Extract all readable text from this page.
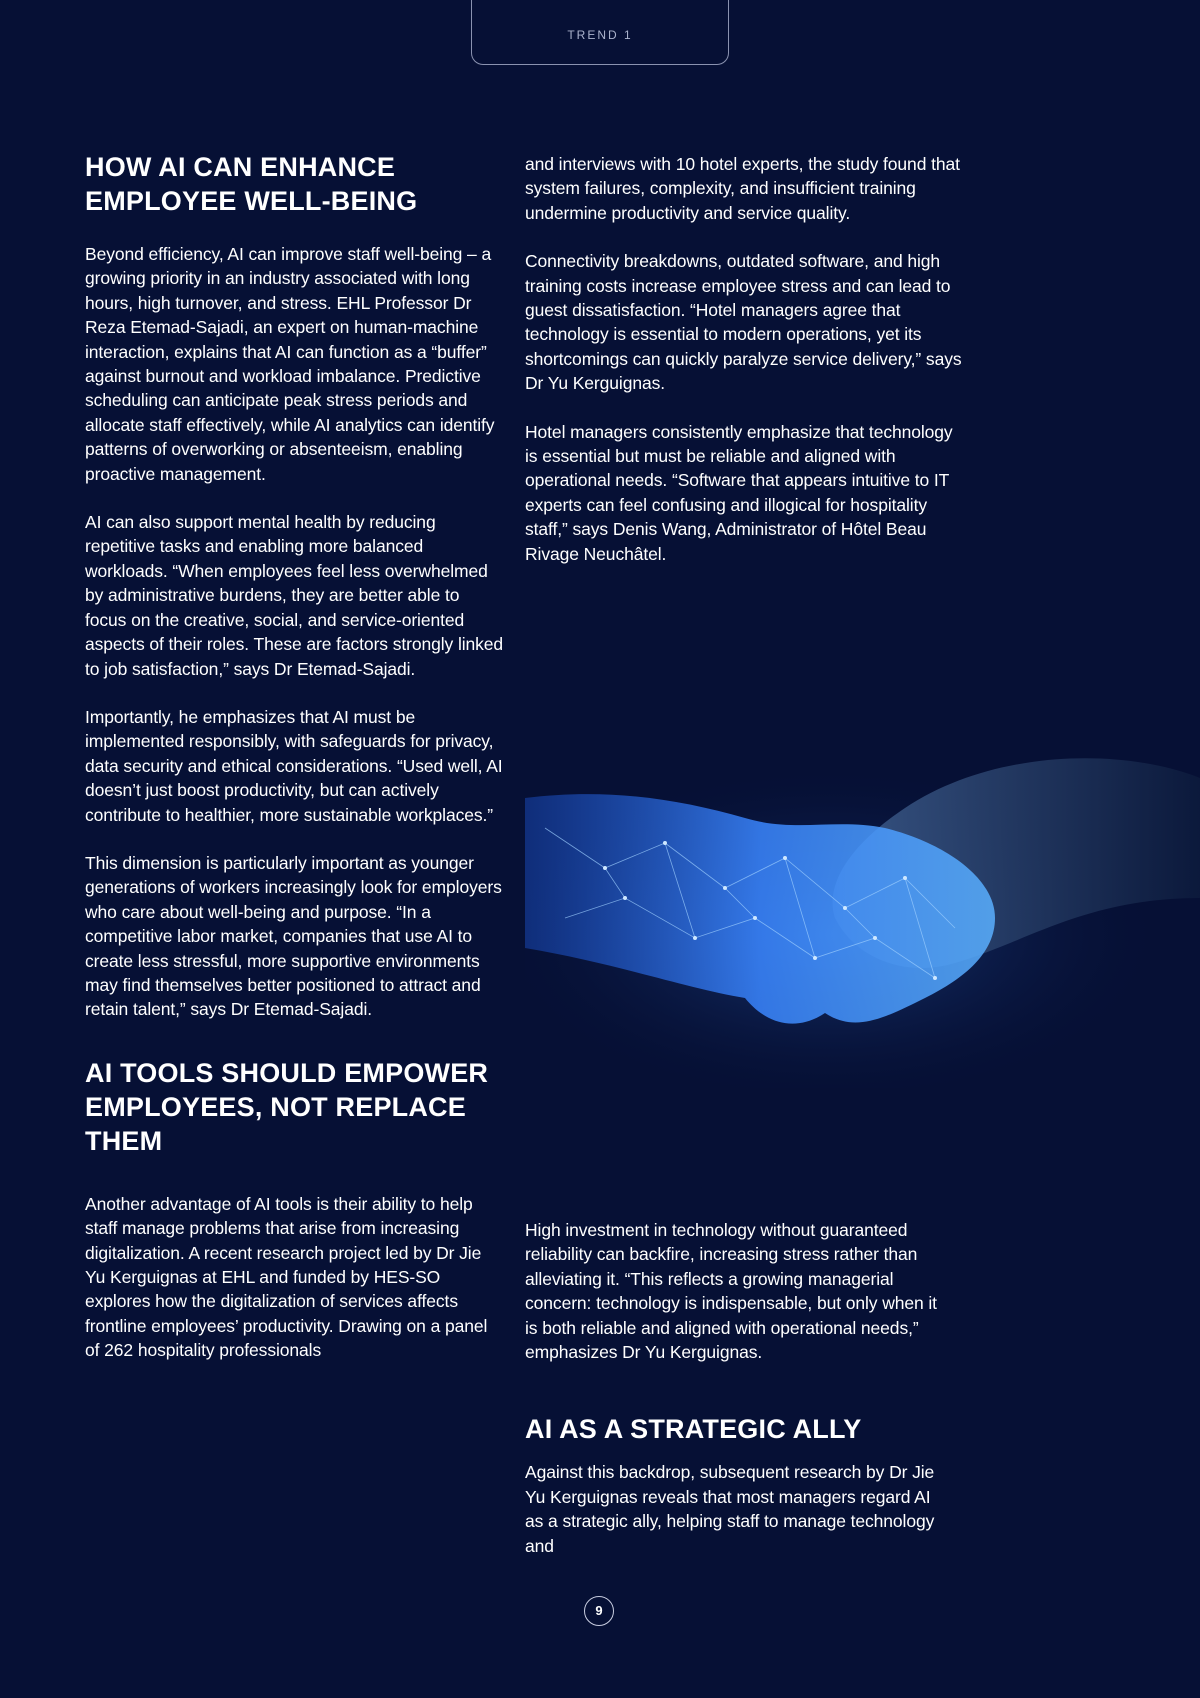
TREND 1
HOW AI CAN ENHANCE EMPLOYEE WELL-BEING

Beyond efficiency, AI can improve staff well-being – a growing priority in an industry associated with long hours, high turnover, and stress. EHL Professor Dr Reza Etemad-Sajadi, an expert on human-machine interaction, explains that AI can function as a “buffer” against burnout and workload imbalance. Predictive scheduling can anticipate peak stress periods and allocate staff effectively, while AI analytics can identify patterns of overworking or absenteeism, enabling proactive management.

AI can also support mental health by reducing repetitive tasks and enabling more balanced workloads. “When employees feel less overwhelmed by administrative burdens, they are better able to focus on the creative, social, and service-oriented aspects of their roles. These are factors strongly linked to job satisfaction,” says Dr Etemad-Sajadi.

Importantly, he emphasizes that AI must be implemented responsibly, with safeguards for privacy, data security and ethical considerations. “Used well, AI doesn’t just boost productivity, but can actively contribute to healthier, more sustainable workplaces.”

This dimension is particularly important as younger generations of workers increasingly look for employers who care about well-being and purpose. “In a competitive labor market, companies that use AI to create less stressful, more supportive environments may find themselves better positioned to attract and retain talent,” says Dr Etemad-Sajadi.

AI TOOLS SHOULD EMPOWER EMPLOYEES, NOT REPLACE THEM

Another advantage of AI tools is their ability to help staff manage problems that arise from increasing digitalization. A recent research project led by Dr Jie Yu Kerguignas at EHL and funded by HES-SO explores how the digitalization of services affects frontline employees’ productivity. Drawing on a panel of 262 hospitality professionals

and interviews with 10 hotel experts, the study found that system failures, complexity, and insufficient training undermine productivity and service quality.

Connectivity breakdowns, outdated software, and high training costs increase employee stress and can lead to guest dissatisfaction. “Hotel managers agree that technology is essential to modern operations, yet its shortcomings can quickly paralyze service delivery,” says Dr Yu Kerguignas.

Hotel managers consistently emphasize that technology is essential but must be reliable and aligned with operational needs. “Software that appears intuitive to IT experts can feel confusing and illogical for hospitality staff,” says Denis Wang, Administrator of Hôtel Beau Rivage Neuchâtel.

High investment in technology without guaranteed reliability can backfire, increasing stress rather than alleviating it. “This reflects a growing managerial concern: technology is indispensable, but only when it is both reliable and aligned with operational needs,” emphasizes Dr Yu Kerguignas.

AI AS A STRATEGIC ALLY

Against this backdrop, subsequent research by Dr Jie Yu Kerguignas reveals that most managers regard AI as a strategic ally, helping staff to manage technology and

9
